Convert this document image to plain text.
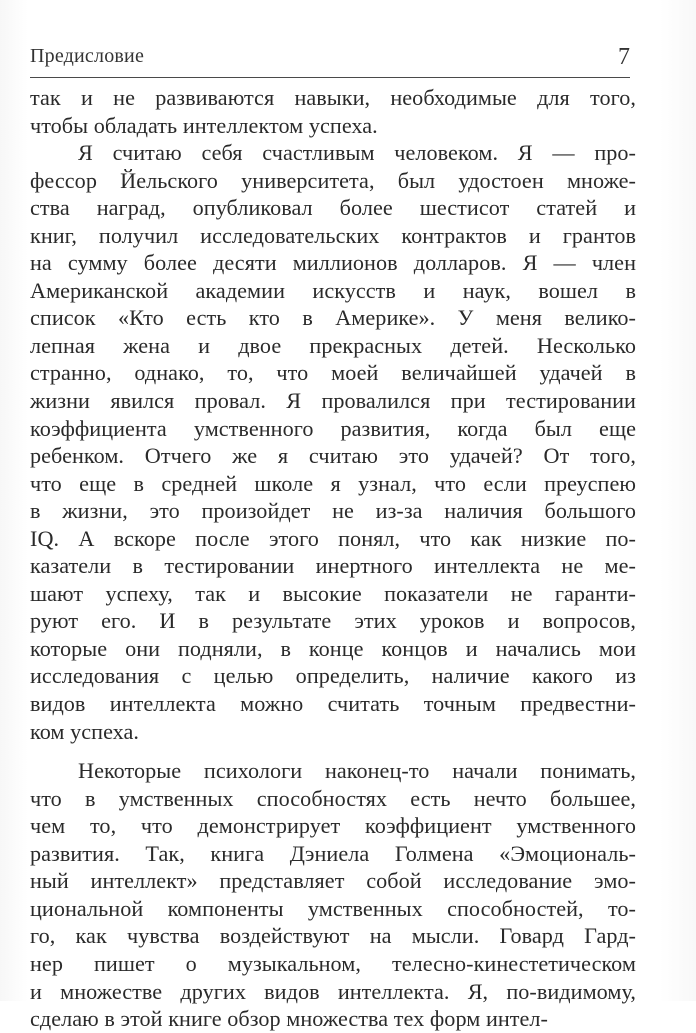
Предисловие	7
так и не развиваются навыки, необходимые для того,
чтобы обладать интеллектом успеха.
Я считаю себя счастливым человеком. Я — про-
фессор Йельского университета, был удостоен множе-
ства наград, опубликовал более шестисот статей и
книг, получил исследовательских контрактов и грантов
на сумму более десяти миллионов долларов. Я — член
Американской академии искусств и наук, вошел в
список «Кто есть кто в Америке». У меня велико-
лепная жена и двое прекрасных детей. Несколько
странно, однако, то, что моей величайшей удачей в
жизни явился провал. Я провалился при тестировании
коэффициента умственного развития, когда был еще
ребенком. Отчего же я считаю это удачей? От того,
что еще в средней школе я узнал, что если преуспею
в жизни, это произойдет не из-за наличия большого
IQ. А вскоре после этого понял, что как низкие по-
казатели в тестировании инертного интеллекта не ме-
шают успеху, так и высокие показатели не гаранти-
руют его. И в результате этих уроков и вопросов,
которые они подняли, в конце концов и начались мои
исследования с целью определить, наличие какого из
видов интеллекта можно считать точным предвестни-
ком успеха.
Некоторые психологи наконец-то начали понимать,
что в умственных способностях есть нечто большее,
чем то, что демонстрирует коэффициент умственного
развития. Так, книга Дэниела Голмена «Эмоциональ-
ный интеллект» представляет собой исследование эмо-
циональной компоненты умственных способностей, то-
го, как чувства воздействуют на мысли. Говард Гард-
нер пишет о музыкальном, телесно-кинестетическом
и множестве других видов интеллекта. Я, по-видимому,
сделаю в этой книге обзор множества тех форм интел-
